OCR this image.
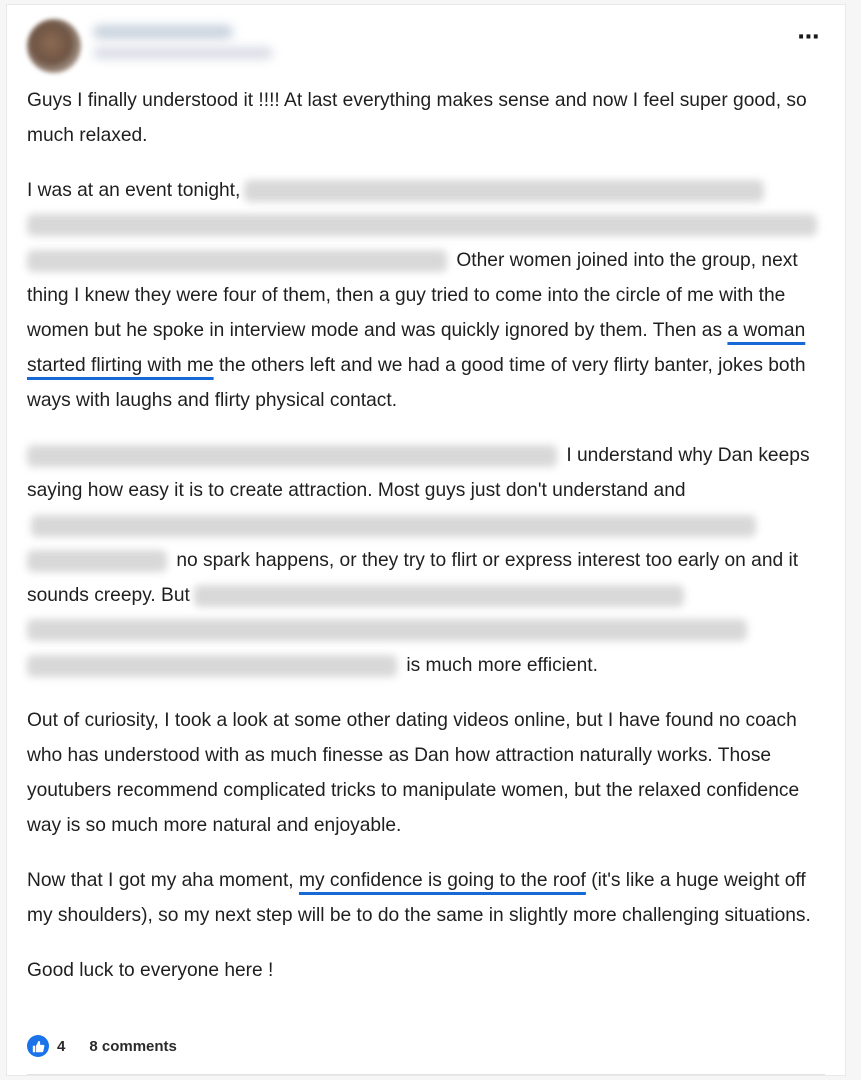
⋯

Guys I finally understood it !!!! At last everything makes sense and now I feel super good, so much relaxed.

I was at an event tonight,
Other women joined into the group, next thing I knew they were four of them, then a guy tried to come into the circle of me with the women but he spoke in interview mode and was quickly ignored by them. Then as a woman started flirting with me the others left and we had a good time of very flirty banter, jokes both ways with laughs and flirty physical contact.

I understand why Dan keeps saying how easy it is to create attraction. Most guys just don't understand and no spark happens, or they try to flirt or express interest too early on and it sounds creepy. But
is much more efficient.

Out of curiosity, I took a look at some other dating videos online, but I have found no coach who has understood with as much finesse as Dan how attraction naturally works. Those youtubers recommend complicated tricks to manipulate women, but the relaxed confidence way is so much more natural and enjoyable.

Now that I got my aha moment, my confidence is going to the roof (it's like a huge weight off my shoulders), so my next step will be to do the same in slightly more challenging situations.

Good luck to everyone here !

4 8 comments
